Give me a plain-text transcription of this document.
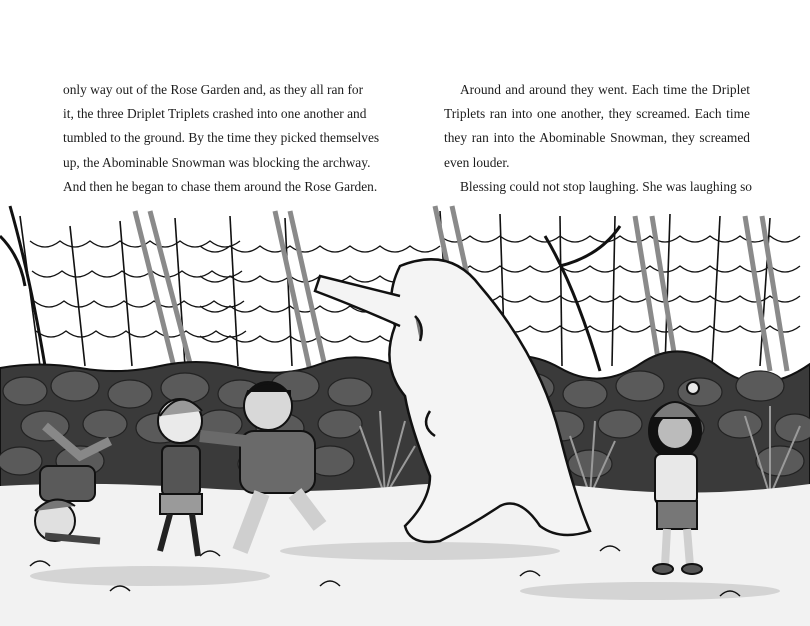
only way out of the Rose Garden and, as they all ran for
it, the three Driplet Triplets crashed into one another and
tumbled to the ground. By the time they picked themselves
up, the Abominable Snowman was blocking the archway.
And then he began to chase them around the Rose Garden.
Around and around they went. Each time the Driplet
Triplets ran into one another, they screamed. Each time
they ran into the Abominable Snowman, they screamed
even louder.
Blessing could not stop laughing. She was laughing so
